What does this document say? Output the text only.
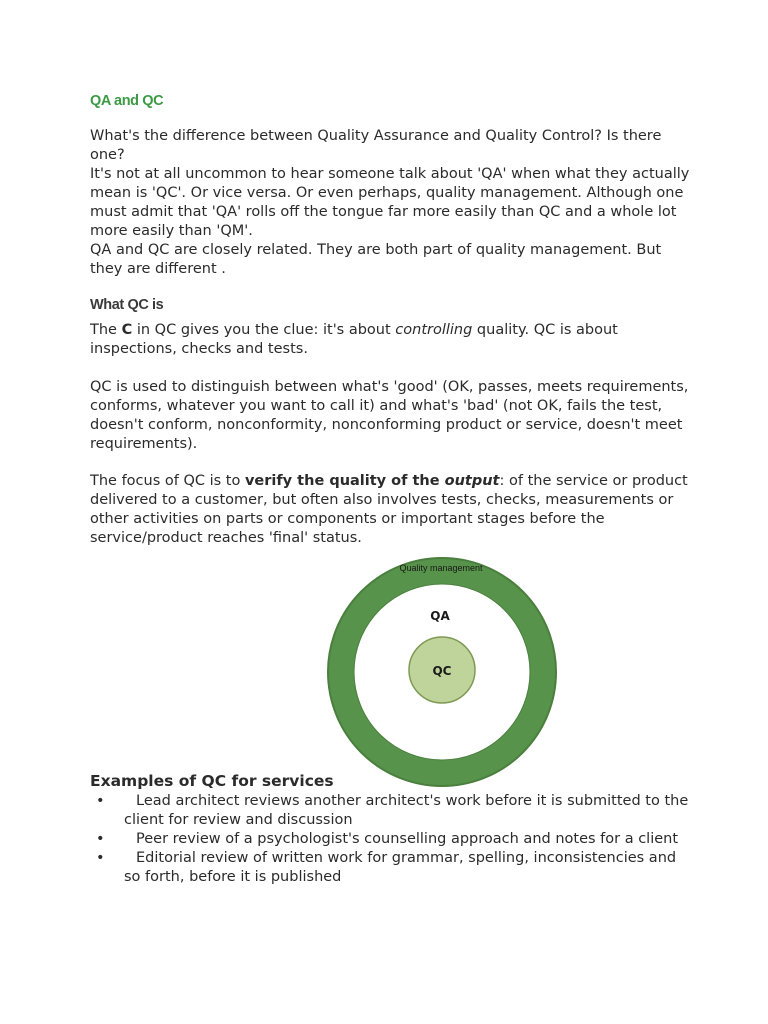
QA and QC

What's the difference between Quality Assurance and Quality Control? Is there one?

It's not at all uncommon to hear someone talk about 'QA' when what they actually mean is 'QC'. Or vice versa. Or even perhaps, quality management. Although one must admit that 'QA' rolls off the tongue far more easily than QC and a whole lot more easily than 'QM'.

QA and QC are closely related. They are both part of quality management. But they are different .

What QC is

The C in QC gives you the clue: it's about controlling quality. QC is about inspections, checks and tests.

QC is used to distinguish between what's 'good' (OK, passes, meets requirements, conforms, whatever you want to call it) and what's 'bad' (not OK, fails the test, doesn't conform, nonconformity, nonconforming product or service, doesn't meet requirements).

The focus of QC is to verify the quality of the output: of the service or product delivered to a customer, but often also involves tests, checks, measurements or other activities on parts or components or important stages before the service/product reaches 'final' status.

Quality management
QA
QC
Examples of QC for services
•	Lead architect reviews another architect's work before it is submitted to the client for review and discussion
•	Peer review of a psychologist's counselling approach and notes for a client
•	Editorial review of written work for grammar, spelling, inconsistencies and so forth, before it is published
